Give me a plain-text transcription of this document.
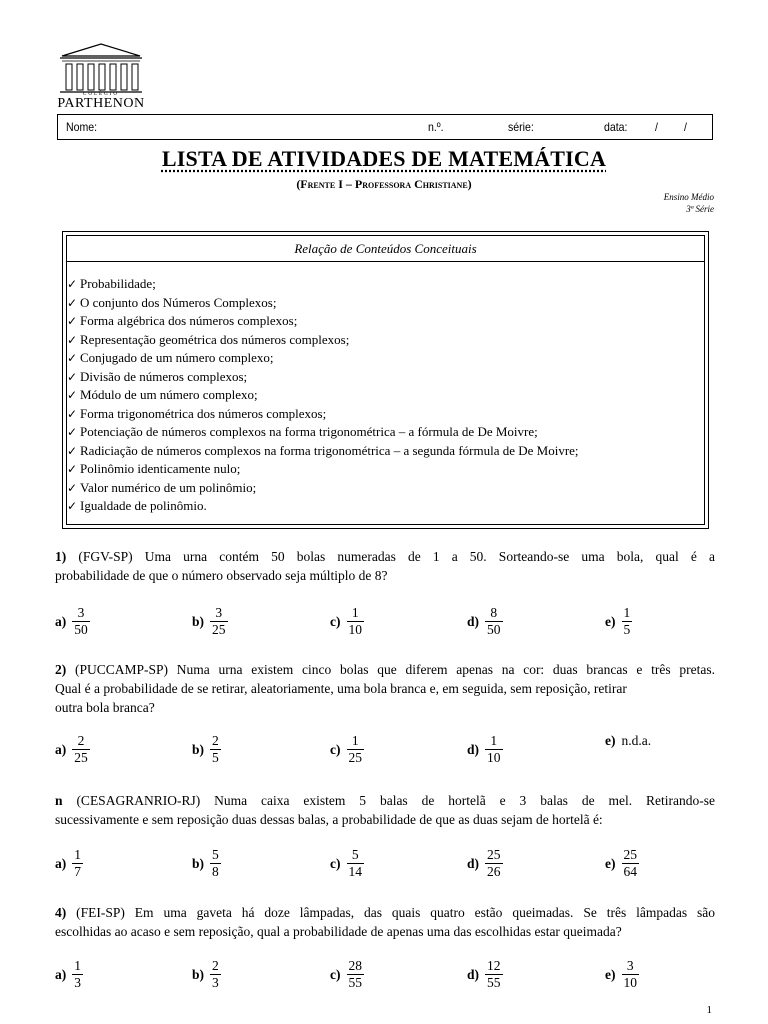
COLÉGIO
PARTHENON
Nome:	n.º.	série:	data: / /
LISTA DE ATIVIDADES DE MATEMÁTICA
(Frente I – Professora Christiane)
Ensino Médio
3ª Série
Relação de Conteúdos Conceituais
✓ Probabilidade;
✓ O conjunto dos Números Complexos;
✓ Forma algébrica dos números complexos;
✓ Representação geométrica dos números complexos;
✓ Conjugado de um número complexo;
✓ Divisão de números complexos;
✓ Módulo de um número complexo;
✓ Forma trigonométrica dos números complexos;
✓ Potenciação de números complexos na forma trigonométrica – a fórmula de De Moivre;
✓ Radiciação de números complexos na forma trigonométrica – a segunda fórmula de De Moivre;
✓ Polinômio identicamente nulo;
✓ Valor numérico de um polinômio;
✓ Igualdade de polinômio.
1) (FGV-SP) Uma urna contém 50 bolas numeradas de 1 a 50. Sorteando-se uma bola, qual é a
probabilidade de que o número observado seja múltiplo de 8?
$a) \frac{3}{50}$	$b) \frac{3}{25}$	$c) \frac{1}{10}$	$d) \frac{8}{50}$	$e) \frac{1}{5}$
2) (PUCCAMP-SP) Numa urna existem cinco bolas que diferem apenas na cor: duas brancas e três pretas.
Qual é a probabilidade de se retirar, aleatoriamente, uma bola branca e, em seguida, sem reposição, retirar
outra bola branca?
$a) \frac{2}{25}$	$b) \frac{2}{5}$	$c) \frac{1}{25}$	$d) \frac{1}{10}$	e) n.d.a.
n (CESAGRANRIO-RJ) Numa caixa existem 5 balas de hortelã e 3 balas de mel. Retirando-se
sucessivamente e sem reposição duas dessas balas, a probabilidade de que as duas sejam de hortelã é:
$a) \frac{1}{7}$	$b) \frac{5}{8}$	$c) \frac{5}{14}$	$d) \frac{25}{26}$	$e) \frac{25}{64}$
4) (FEI-SP) Em uma gaveta há doze lâmpadas, das quais quatro estão queimadas. Se três lâmpadas são
escolhidas ao acaso e sem reposição, qual a probabilidade de apenas uma das escolhidas estar queimada?
$a) \frac{1}{3}$	$b) \frac{2}{3}$	$c) \frac{28}{55}$	$d) \frac{12}{55}$	$e) \frac{3}{10}$
1
